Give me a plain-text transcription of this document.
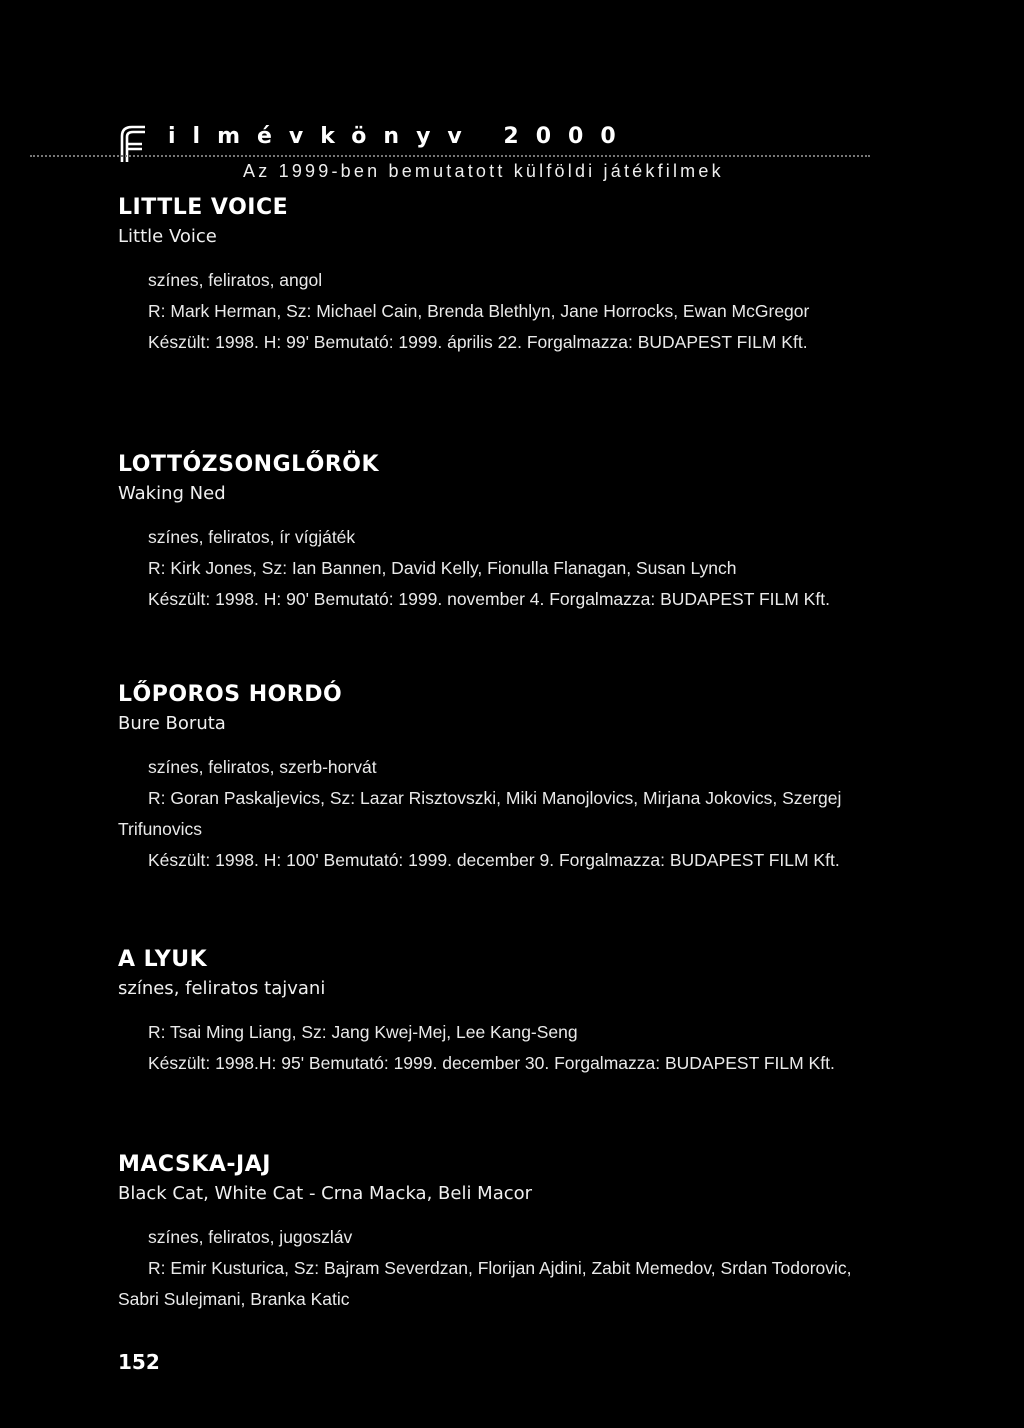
ilmévkönyv 2000
Az 1999-ben bemutatott külföldi játékfilmek
LITTLE VOICE
Little Voice

színes, feliratos, angol

R: Mark Herman, Sz: Michael Cain, Brenda Blethlyn, Jane Horrocks, Ewan McGregor

Készült: 1998. H: 99' Bemutató: 1999. április 22. Forgalmazza: BUDAPEST FILM Kft.

LOTTÓZSONGLŐRÖK
Waking Ned

színes, feliratos, ír vígjáték

R: Kirk Jones, Sz: Ian Bannen, David Kelly, Fionulla Flanagan, Susan Lynch

Készült: 1998. H: 90' Bemutató: 1999. november 4. Forgalmazza: BUDAPEST FILM Kft.

LŐPOROS HORDÓ
Bure Boruta

színes, feliratos, szerb-horvát

R: Goran Paskaljevics, Sz: Lazar Risztovszki, Miki Manojlovics, Mirjana Jokovics, Szergej Trifunovics

Készült: 1998. H: 100' Bemutató: 1999. december 9. Forgalmazza: BUDAPEST FILM Kft.

A LYUK
színes, feliratos tajvani

R: Tsai Ming Liang, Sz: Jang Kwej-Mej, Lee Kang-Seng

Készült: 1998.H: 95' Bemutató: 1999. december 30. Forgalmazza: BUDAPEST FILM Kft.

MACSKA-JAJ
Black Cat, White Cat - Crna Macka, Beli Macor

színes, feliratos, jugoszláv

R: Emir Kusturica, Sz: Bajram Severdzan, Florijan Ajdini, Zabit Memedov, Srdan Todorovic, Sabri Sulejmani, Branka Katic

152
